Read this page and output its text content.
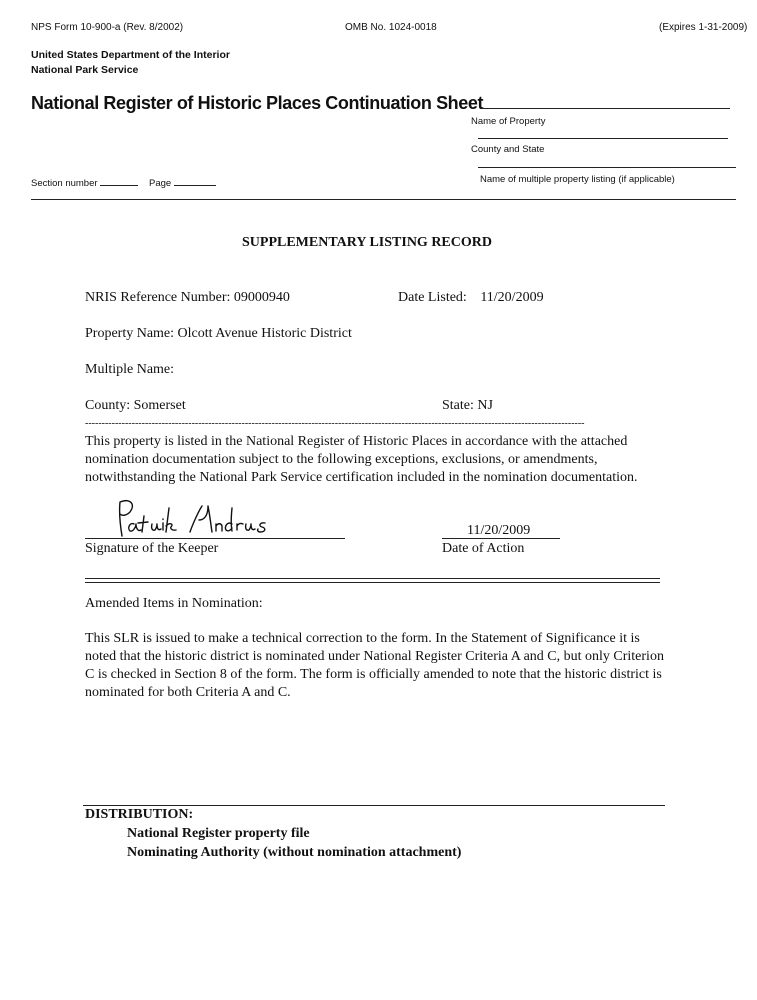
NPS Form 10-900-a (Rev. 8/2002)	OMB No. 1024-0018	(Expires 1-31-2009)
United States Department of the Interior
National Park Service
National Register of Historic Places Continuation Sheet
Name of Property
County and State
Name of multiple property listing (if applicable)
Section number	Page
SUPPLEMENTARY LISTING RECORD
NRIS Reference Number: 09000940	Date Listed: 11/20/2009
Property Name: Olcott Avenue Historic District
Multiple Name:
County: Somerset	State: NJ
------------------------------------------------------------------------------------------------------------------------------------------------------
This property is listed in the National Register of Historic Places in accordance with the attached nomination documentation subject to the following exceptions, exclusions, or amendments, notwithstanding the National Park Service certification included in the nomination documentation.
Signature of the Keeper
11/20/2009
Date of Action
Amended Items in Nomination:
This SLR is issued to make a technical correction to the form. In the Statement of Significance it is noted that the historic district is nominated under National Register Criteria A and C, but only Criterion C is checked in Section 8 of the form. The form is officially amended to note that the historic district is nominated for both Criteria A and C.
DISTRIBUTION:
National Register property file
Nominating Authority (without nomination attachment)
